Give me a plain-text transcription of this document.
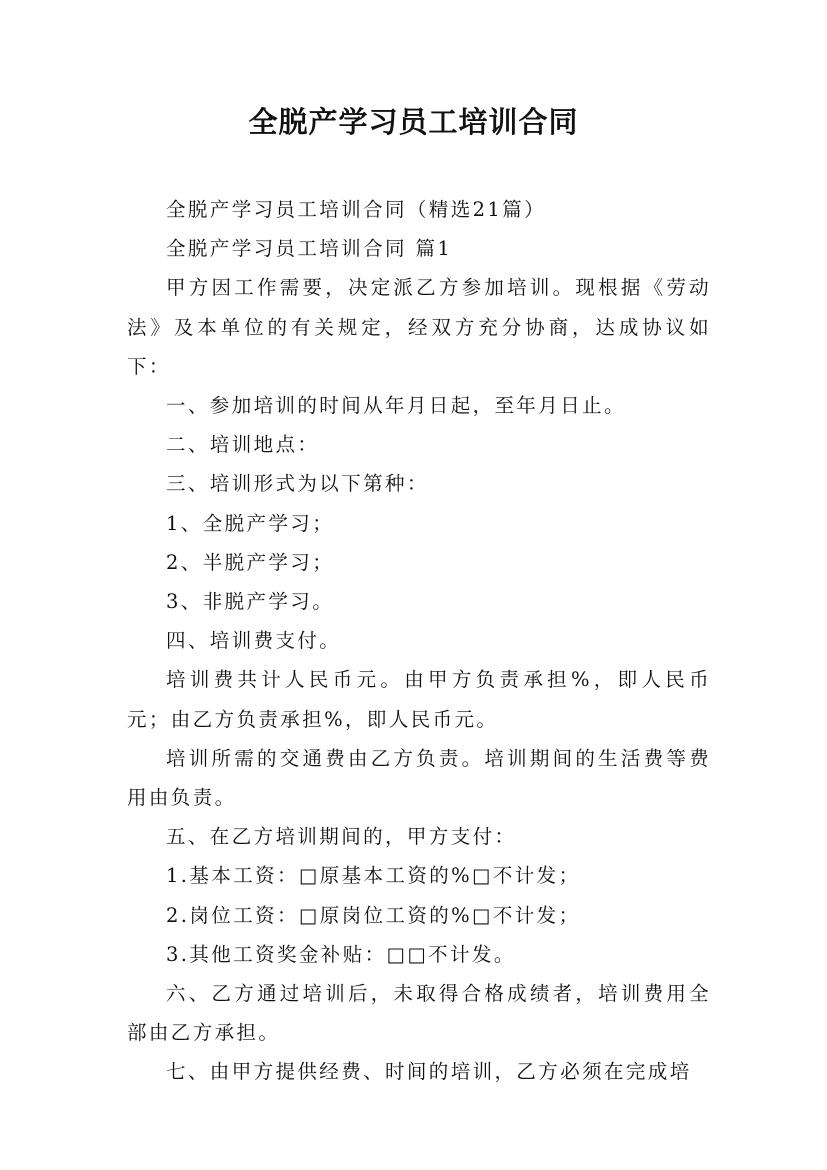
全脱产学习员工培训合同

全脱产学习员工培训合同（精选21篇）

全脱产学习员工培训合同 篇1

甲方因工作需要，决定派乙方参加培训。现根据《劳动法》及本单位的有关规定，经双方充分协商，达成协议如下：

一、参加培训的时间从年月日起，至年月日止。

二、培训地点：

三、培训形式为以下第种：

1、全脱产学习；

2、半脱产学习；

3、非脱产学习。

四、培训费支付。

培训费共计人民币元。由甲方负责承担%，即人民币元；由乙方负责承担%，即人民币元。

培训所需的交通费由乙方负责。培训期间的生活费等费用由负责。

五、在乙方培训期间的，甲方支付：

1.基本工资：□原基本工资的%□不计发；

2.岗位工资：□原岗位工资的%□不计发；

3.其他工资奖金补贴：□□不计发。

六、乙方通过培训后，未取得合格成绩者，培训费用全部由乙方承担。

七、由甲方提供经费、时间的培训，乙方必须在完成培
